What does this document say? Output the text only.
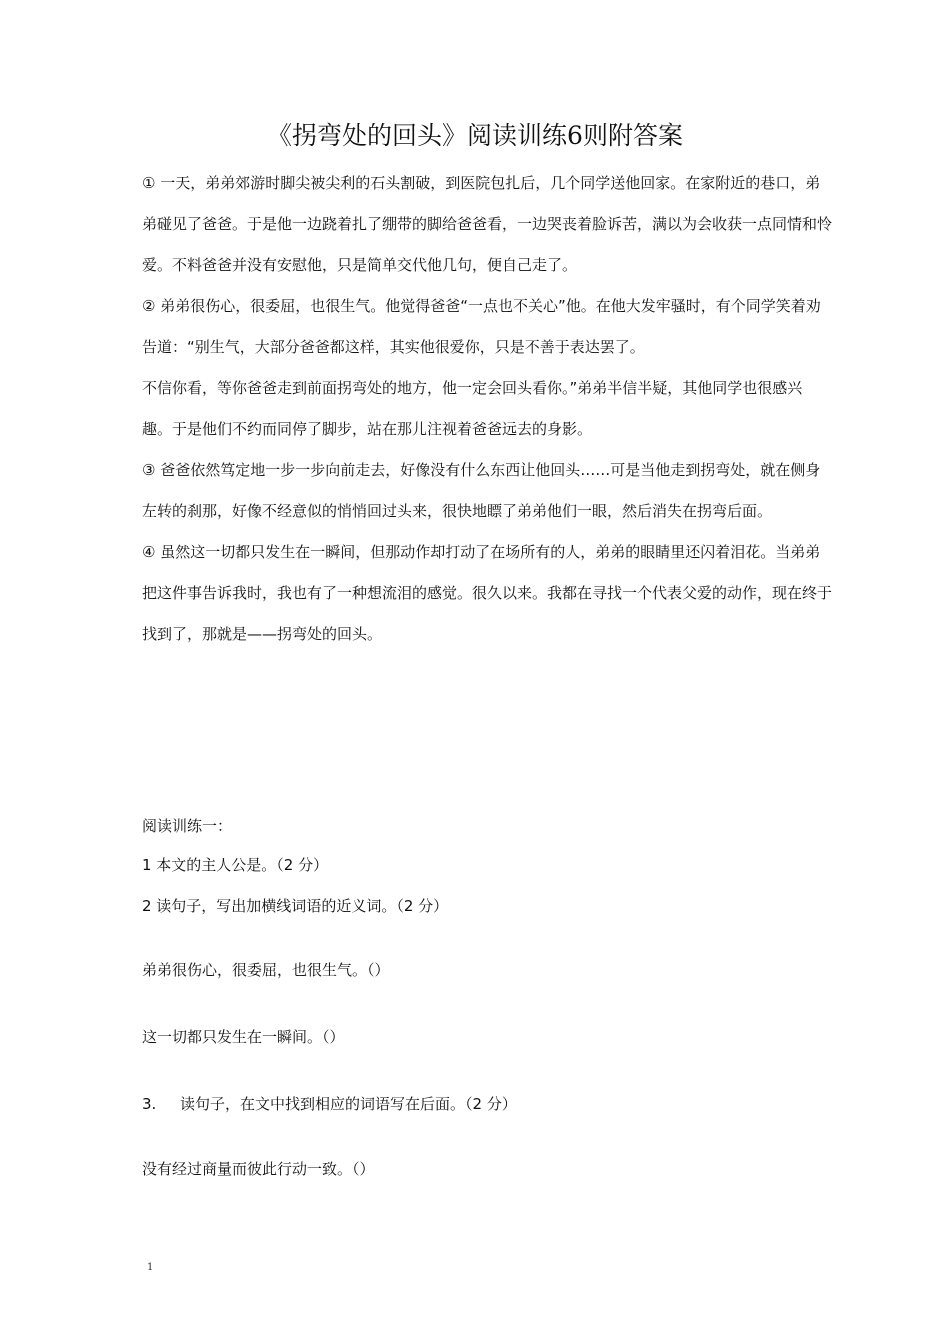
《拐弯处的回头》阅读训练6则附答案

① 一天，弟弟郊游时脚尖被尖利的石头割破，到医院包扎后，几个同学送他回家。在家附近的巷口，弟弟碰见了爸爸。于是他一边跷着扎了绷带的脚给爸爸看，一边哭丧着脸诉苦，满以为会收获一点同情和怜爱。不料爸爸并没有安慰他，只是简单交代他几句，便自己走了。

② 弟弟很伤心，很委屈，也很生气。他觉得爸爸“一点也不关心”他。在他大发牢骚时，有个同学笑着劝告道：“别生气，大部分爸爸都这样，其实他很爱你，只是不善于表达罢了。

不信你看，等你爸爸走到前面拐弯处的地方，他一定会回头看你。”弟弟半信半疑，其他同学也很感兴趣。于是他们不约而同停了脚步，站在那儿注视着爸爸远去的身影。

③ 爸爸依然笃定地一步一步向前走去，好像没有什么东西让他回头……可是当他走到拐弯处，就在侧身左转的刹那，好像不经意似的悄悄回过头来，很快地瞟了弟弟他们一眼，然后消失在拐弯后面。

④ 虽然这一切都只发生在一瞬间，但那动作却打动了在场所有的人，弟弟的眼睛里还闪着泪花。当弟弟把这件事告诉我时，我也有了一种想流泪的感觉。很久以来。我都在寻找一个代表父爱的动作，现在终于找到了，那就是——拐弯处的回头。

阅读训练一：

1 本文的主人公是。（2 分）

2 读句子，写出加横线词语的近义词。（2 分）

弟弟很伤心，很委屈，也很生气。（）

这一切都只发生在一瞬间。（）

3. 读句子，在文中找到相应的词语写在后面。（2 分）

没有经过商量而彼此行动一致。（）

1
